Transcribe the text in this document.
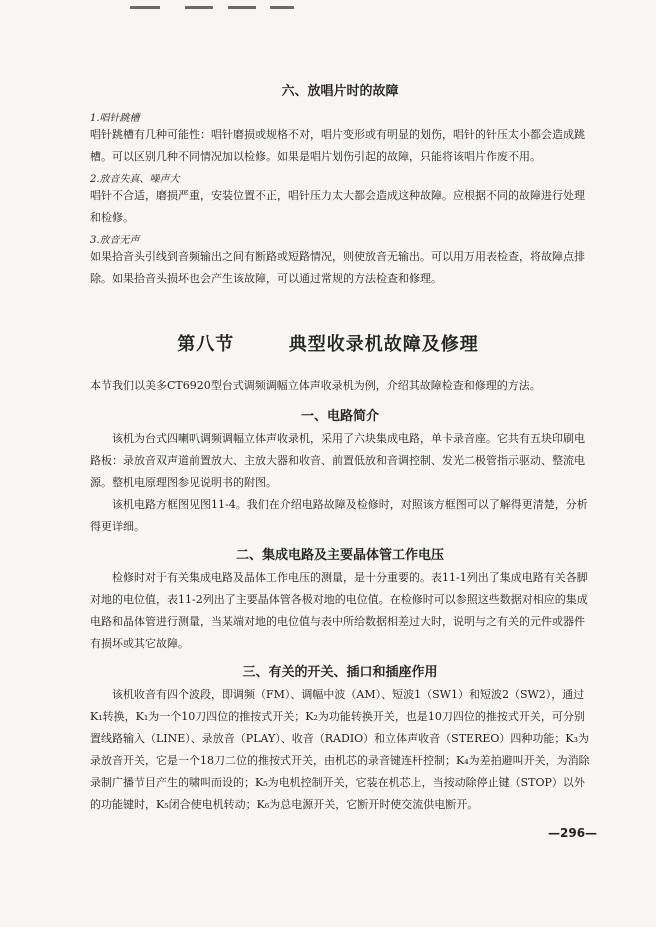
六、放唱片时的故障
1.唱针跳槽

唱针跳槽有几种可能性：唱针磨损或规格不对，唱片变形或有明显的划伤，唱针的针压太小都会造成跳槽。可以区别几种不同情况加以检修。如果是唱片划伤引起的故障，只能将该唱片作废不用。

2.放音失真、噪声大

唱针不合适，磨损严重，安装位置不正，唱针压力太大都会造成这种故障。应根据不同的故障进行处理和检修。

3.放音无声

如果拾音头引线到音频输出之间有断路或短路情况，则使放音无输出。可以用万用表检查，将故障点排除。如果拾音头损坏也会产生该故障，可以通过常规的方法检查和修理。

第八节	典型收录机故障及修理

本节我们以美多CT6920型台式调频调幅立体声收录机为例，介绍其故障检查和修理的方法。

一、电路简介

该机为台式四喇叭调频调幅立体声收录机，采用了六块集成电路，单卡录音座。它共有五块印刷电路板：录放音双声道前置放大、主放大器和收音、前置低放和音调控制、发光二极管指示驱动、整流电源。整机电原理图参见说明书的附图。

该机电路方框图见图11-4。我们在介绍电路故障及检修时，对照该方框图可以了解得更清楚，分析得更详细。

二、集成电路及主要晶体管工作电压

检修时对于有关集成电路及晶体工作电压的测量，是十分重要的。表11-1列出了集成电路有关各脚对地的电位值，表11-2列出了主要晶体管各极对地的电位值。在检修时可以参照这些数据对相应的集成电路和晶体管进行测量，当某端对地的电位值与表中所给数据相差过大时，说明与之有关的元件或器件有损坏或其它故障。

三、有关的开关、插口和插座作用

该机收音有四个波段，即调频（FM）、调幅中波（AM）、短波1（SW1）和短波2（SW2），通过K₁转换，K₁为一个10刀四位的推按式开关；K₂为功能转换开关，也是10刀四位的推按式开关，可分别置线路输入（LINE）、录放音（PLAY）、收音（RADIO）和立体声收音（STEREO）四种功能；K₃为录放音开关，它是一个18刀二位的推按式开关，由机芯的录音键连杆控制；K₄为差拍避叫开关，为消除录制广播节目产生的啸叫而设的；K₅为电机控制开关，它装在机芯上，当按动除停止键（STOP）以外的功能键时，K₅闭合使电机转动；K₆为总电源开关，它断开时使交流供电断开。

—296—
